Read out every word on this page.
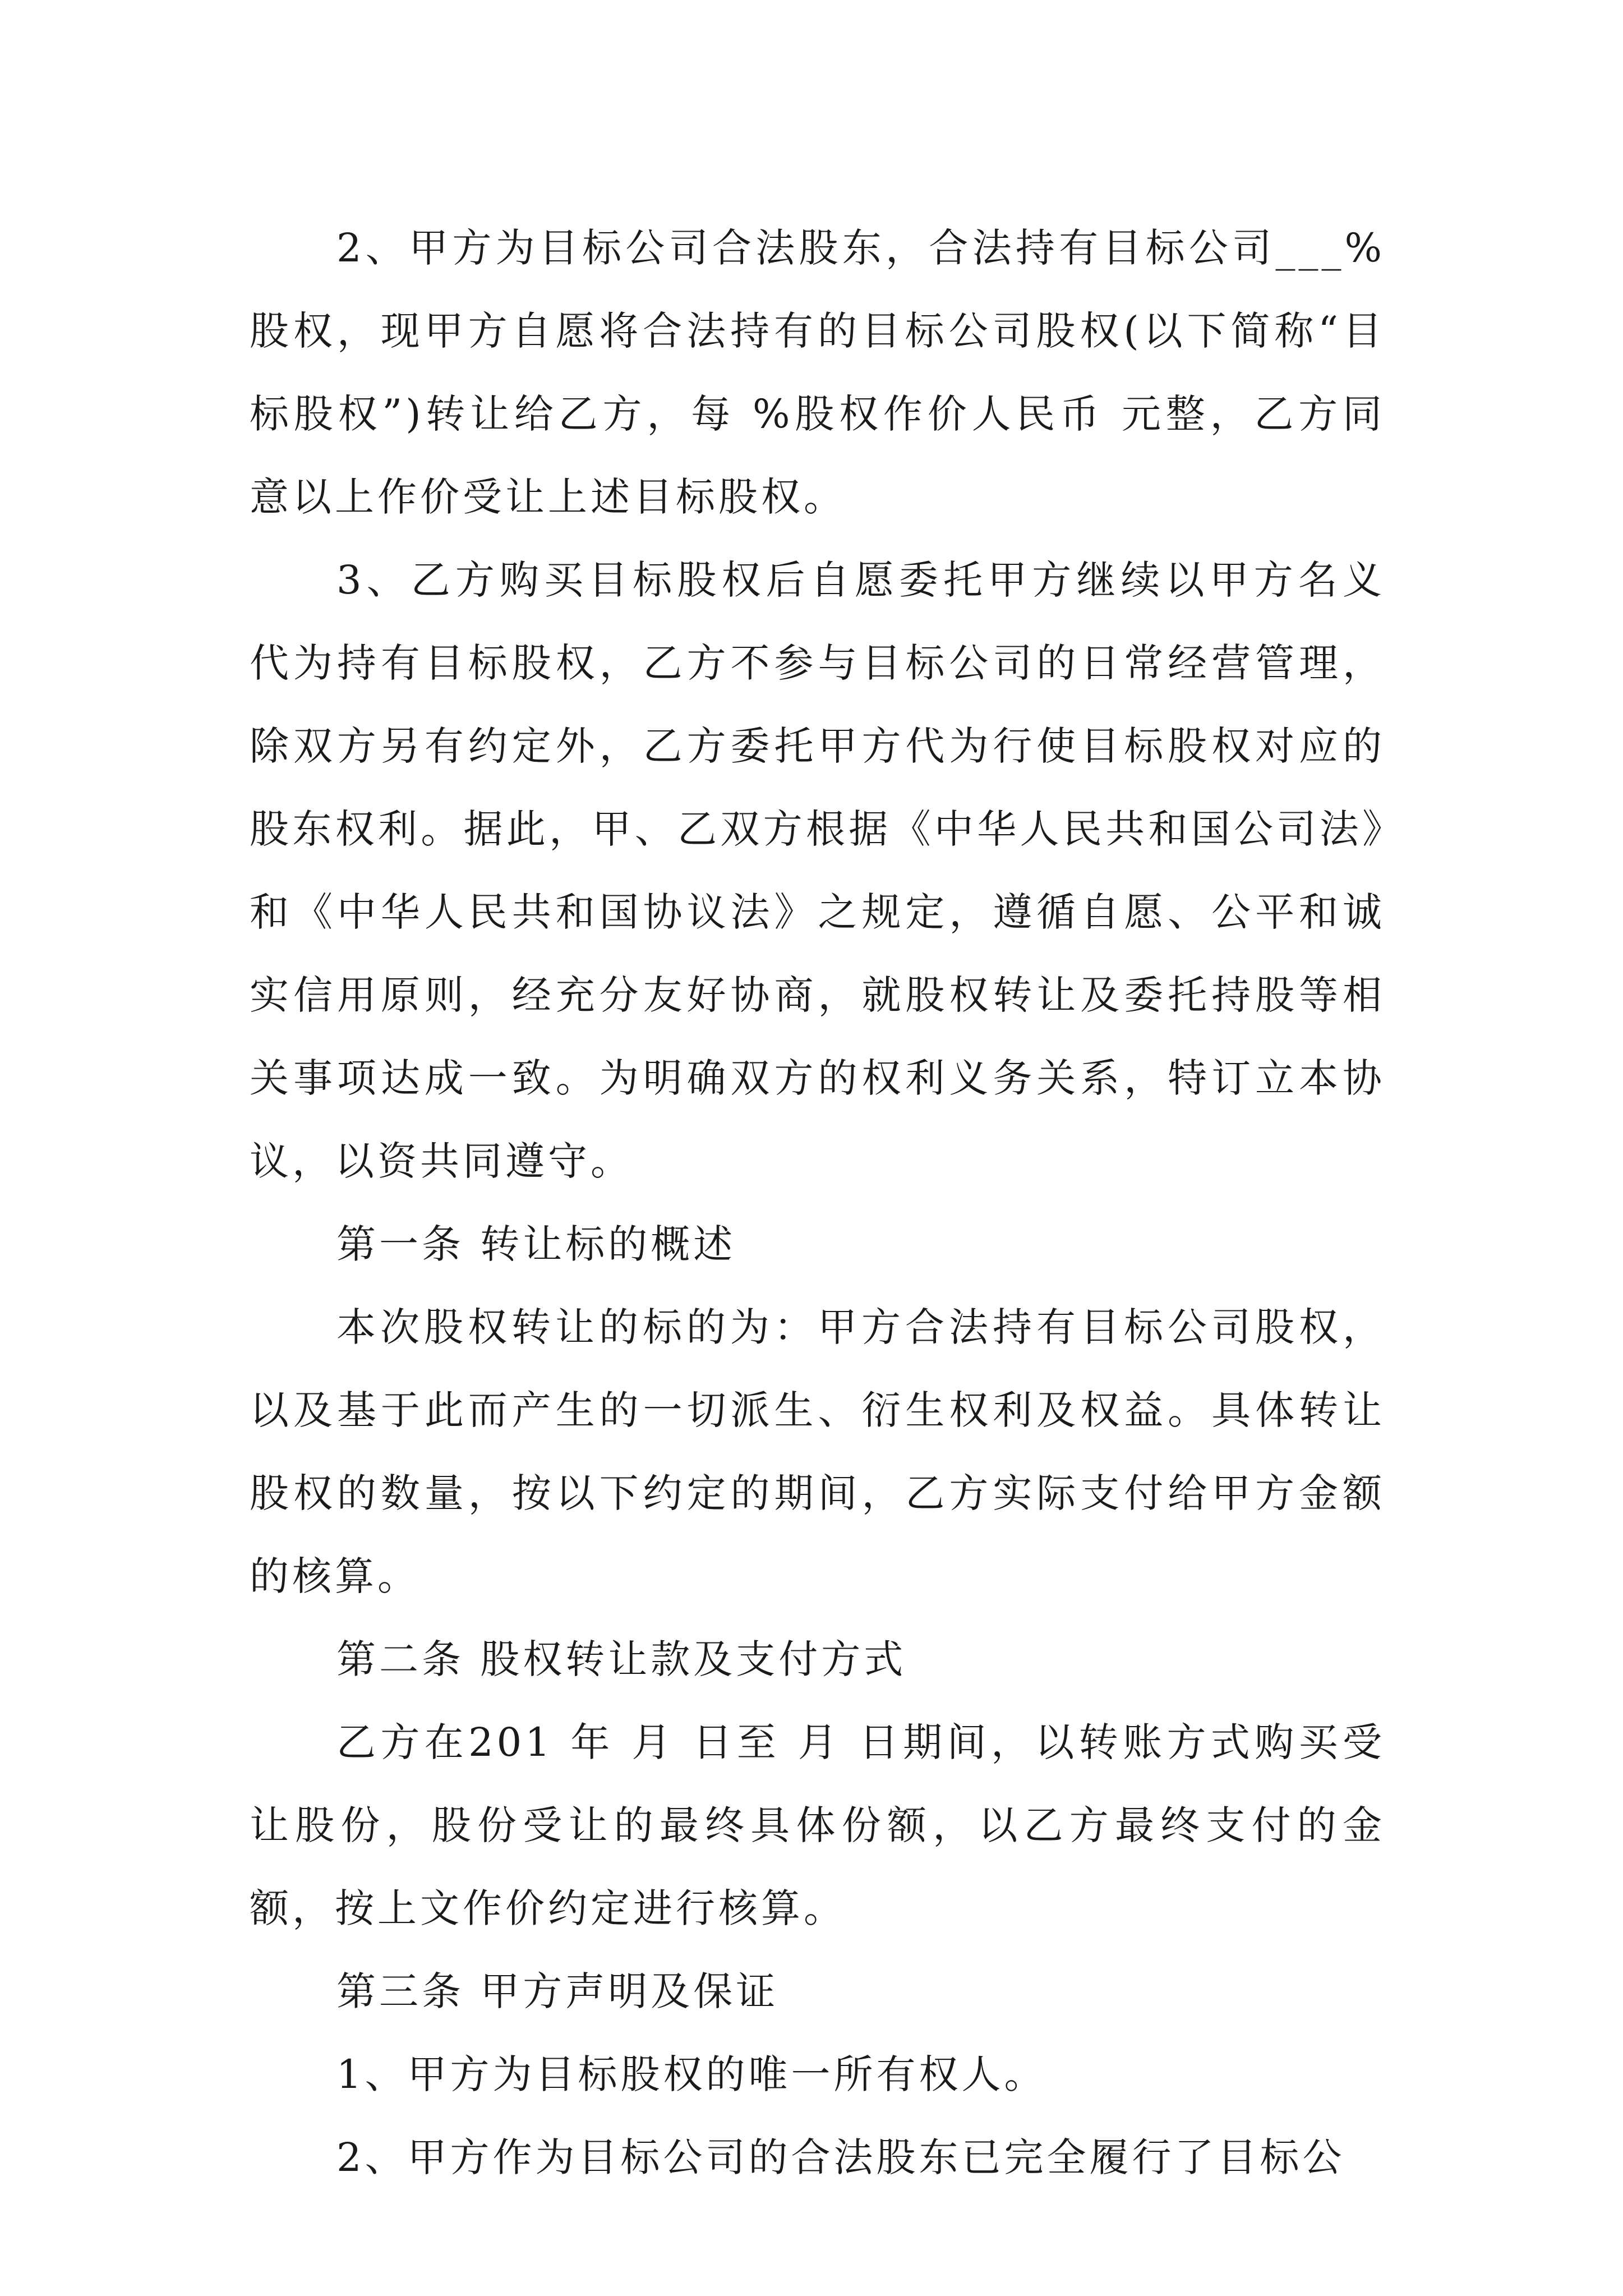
2、甲方为目标公司合法股东，合法持有目标公司___%股权，现甲方自愿将合法持有的目标公司股权(以下简称“目标股权”)转让给乙方，每 %股权作价人民币 元整，乙方同意以上作价受让上述目标股权。

3、乙方购买目标股权后自愿委托甲方继续以甲方名义代为持有目标股权，乙方不参与目标公司的日常经营管理，除双方另有约定外，乙方委托甲方代为行使目标股权对应的股东权利。据此，甲、乙双方根据《中华人民共和国公司法》和《中华人民共和国协议法》之规定，遵循自愿、公平和诚实信用原则，经充分友好协商，就股权转让及委托持股等相关事项达成一致。为明确双方的权利义务关系，特订立本协议，以资共同遵守。

第一条 转让标的概述

本次股权转让的标的为：甲方合法持有目标公司股权，以及基于此而产生的一切派生、衍生权利及权益。具体转让股权的数量，按以下约定的期间，乙方实际支付给甲方金额的核算。

第二条 股权转让款及支付方式

乙方在201 年 月 日至 月 日期间，以转账方式购买受让股份，股份受让的最终具体份额，以乙方最终支付的金额，按上文作价约定进行核算。

第三条 甲方声明及保证

1、甲方为目标股权的唯一所有权人。

2、甲方作为目标公司的合法股东已完全履行了目标公
